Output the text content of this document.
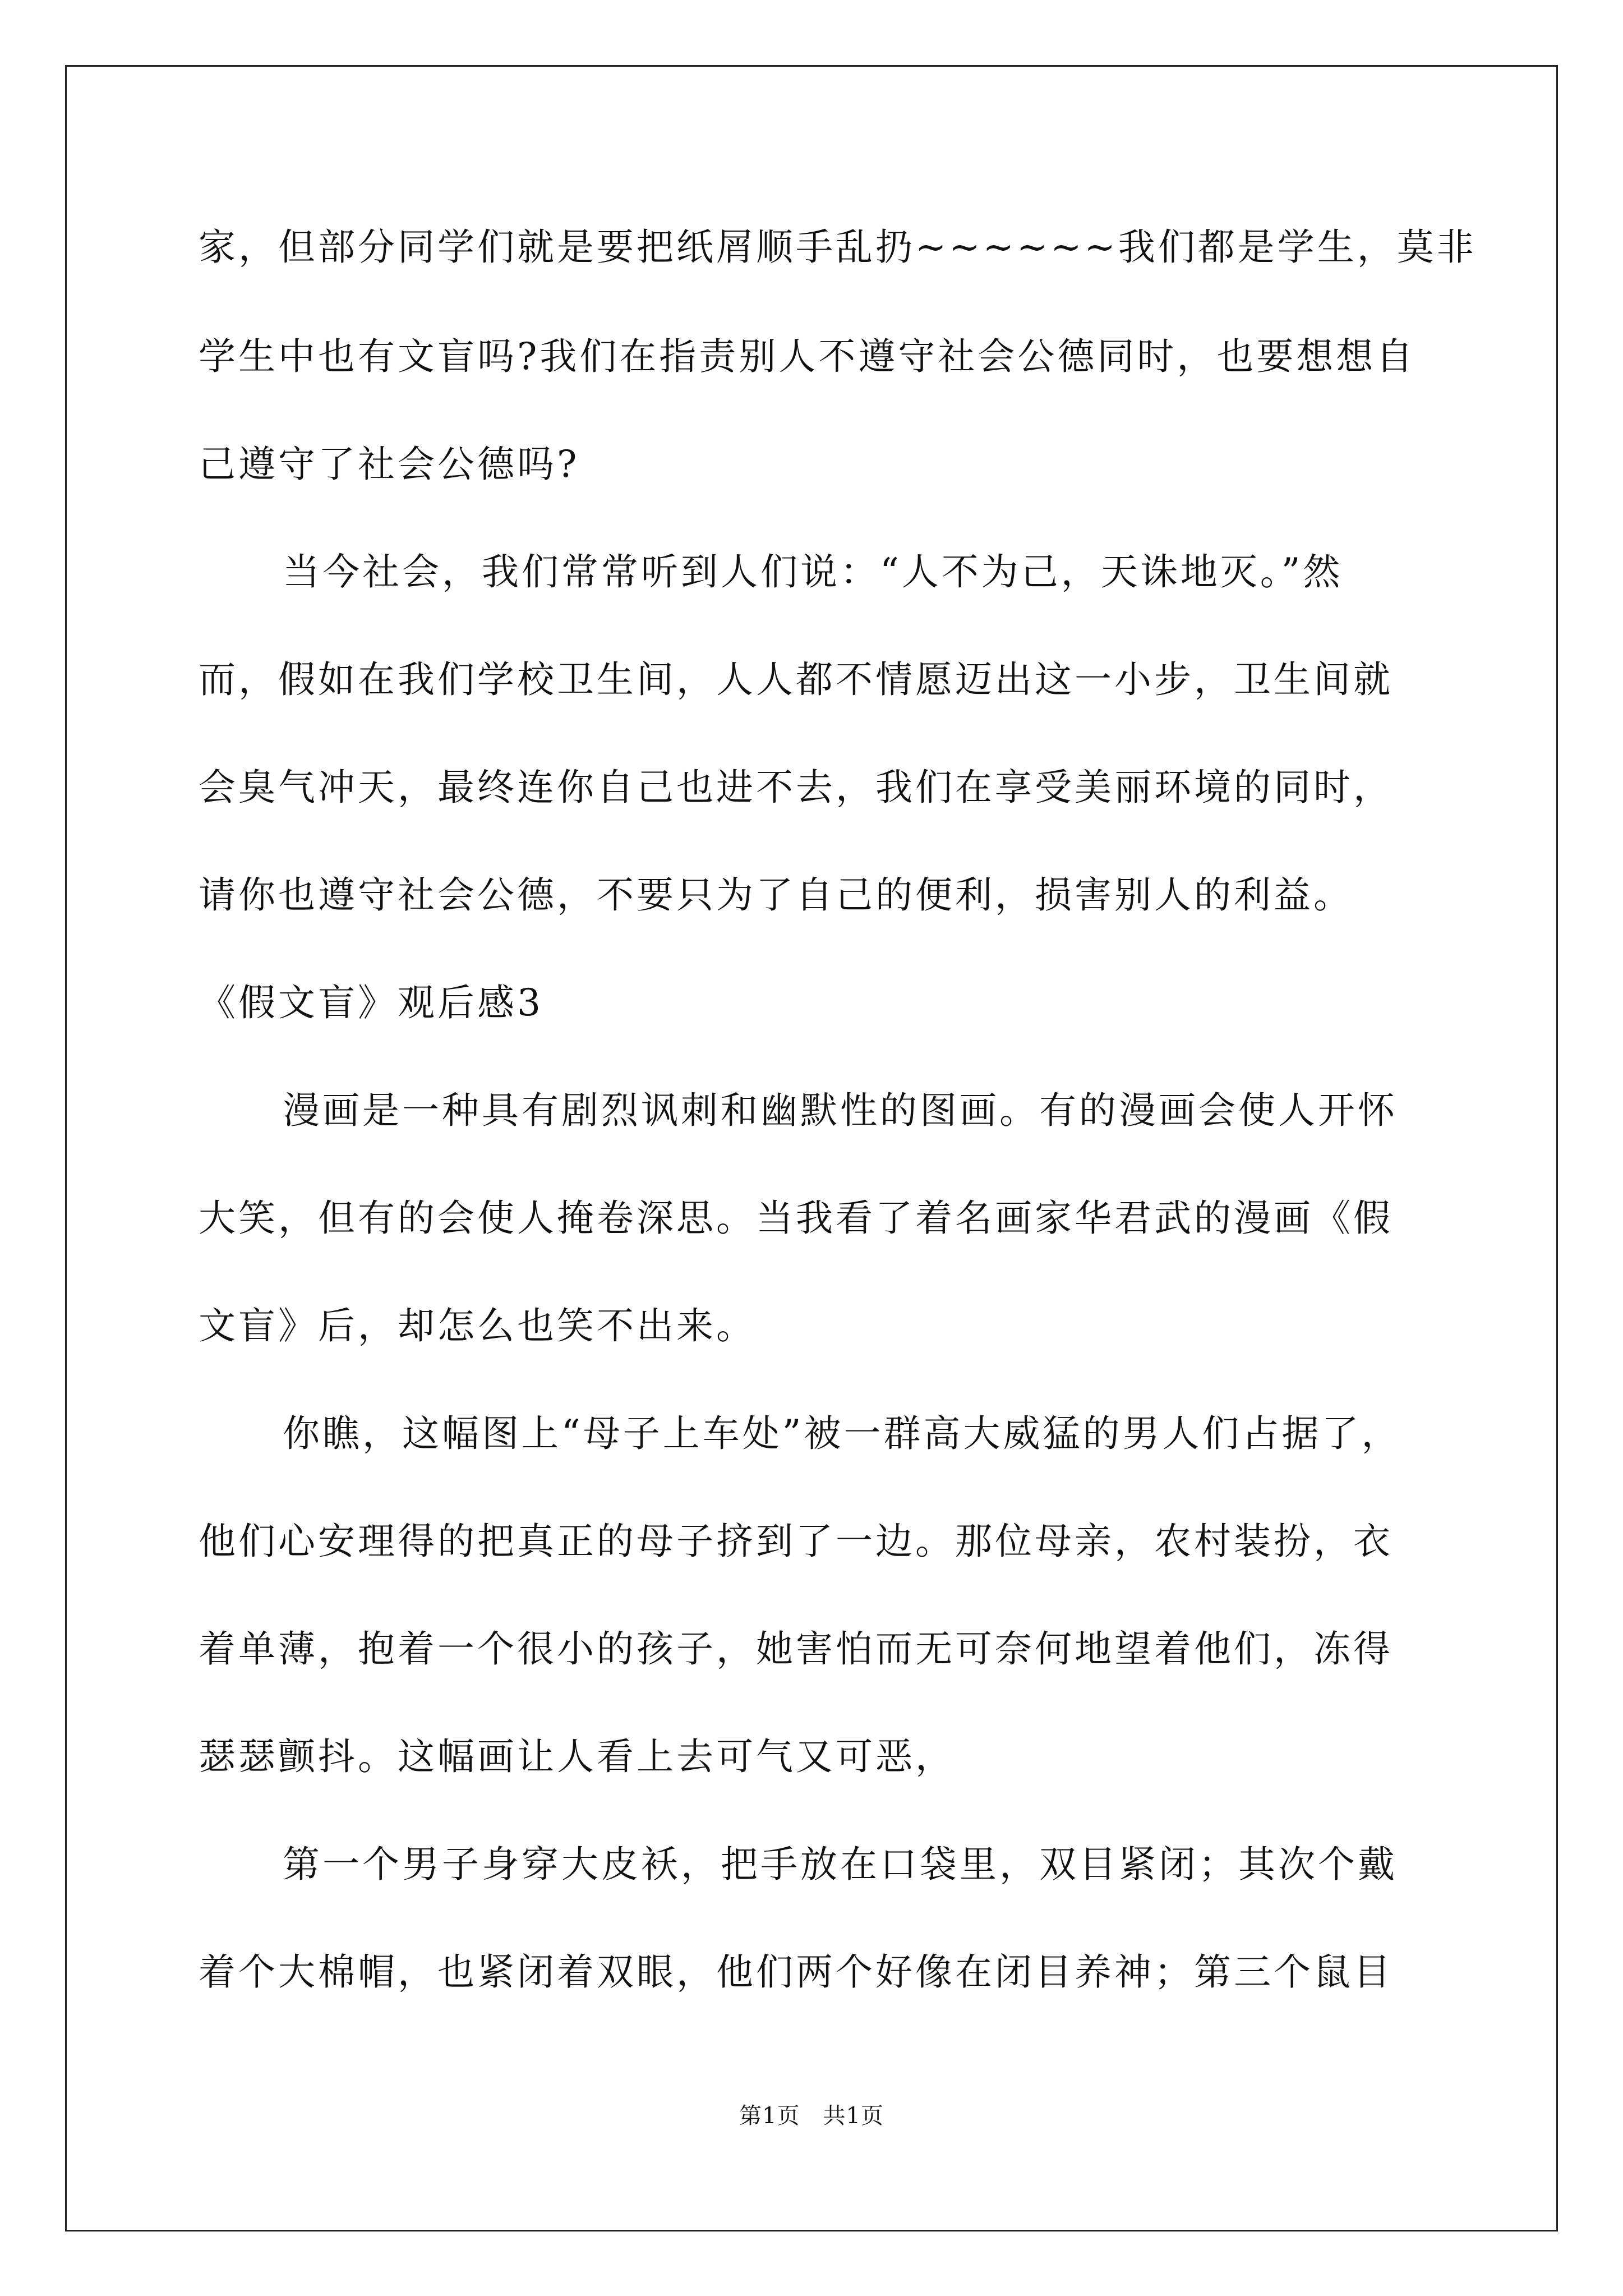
家，但部分同学们就是要把纸屑顺手乱扔~~~~~~我们都是学生，莫非
学生中也有文盲吗?我们在指责别人不遵守社会公德同时，也要想想自
己遵守了社会公德吗?
当今社会，我们常常听到人们说：“人不为己，天诛地灭。”然
而，假如在我们学校卫生间，人人都不情愿迈出这一小步，卫生间就
会臭气冲天，最终连你自己也进不去，我们在享受美丽环境的同时，
请你也遵守社会公德，不要只为了自己的便利，损害别人的利益。
《假文盲》观后感3
漫画是一种具有剧烈讽刺和幽默性的图画。有的漫画会使人开怀
大笑，但有的会使人掩卷深思。当我看了着名画家华君武的漫画《假
文盲》后，却怎么也笑不出来。
你瞧，这幅图上“母子上车处”被一群高大威猛的男人们占据了，
他们心安理得的把真正的母子挤到了一边。那位母亲，农村装扮，衣
着单薄，抱着一个很小的孩子，她害怕而无可奈何地望着他们，冻得
瑟瑟颤抖。这幅画让人看上去可气又可恶，
第一个男子身穿大皮袄，把手放在口袋里，双目紧闭；其次个戴
着个大棉帽，也紧闭着双眼，他们两个好像在闭目养神；第三个鼠目
第1页　共1页
